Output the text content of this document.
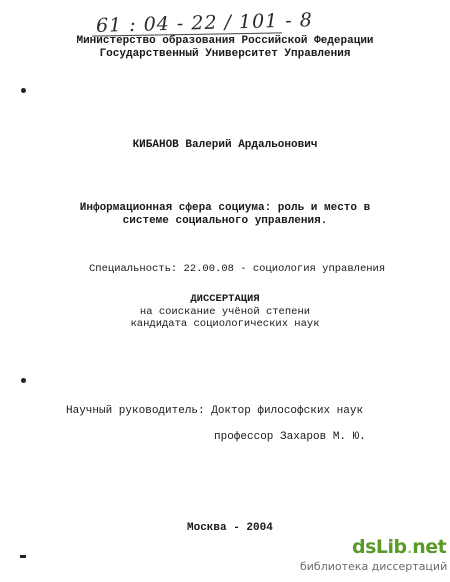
61 : 04 - 22 / 101 - 8
Министерство образования Российской Федерации
Государственный Университет Управления
КИБАНОВ Валерий Ардальонович
Информационная сфера социума: роль и место в
системе социального управления.
Специальность: 22.00.08 - социология управления
ДИССЕРТАЦИЯ
на соискание учёной степени
кандидата социологических наук
Научный руководитель: Доктор философских наук
профессор Захаров М. Ю.
Москва - 2004
dsLib.net
библиотека диссертаций
